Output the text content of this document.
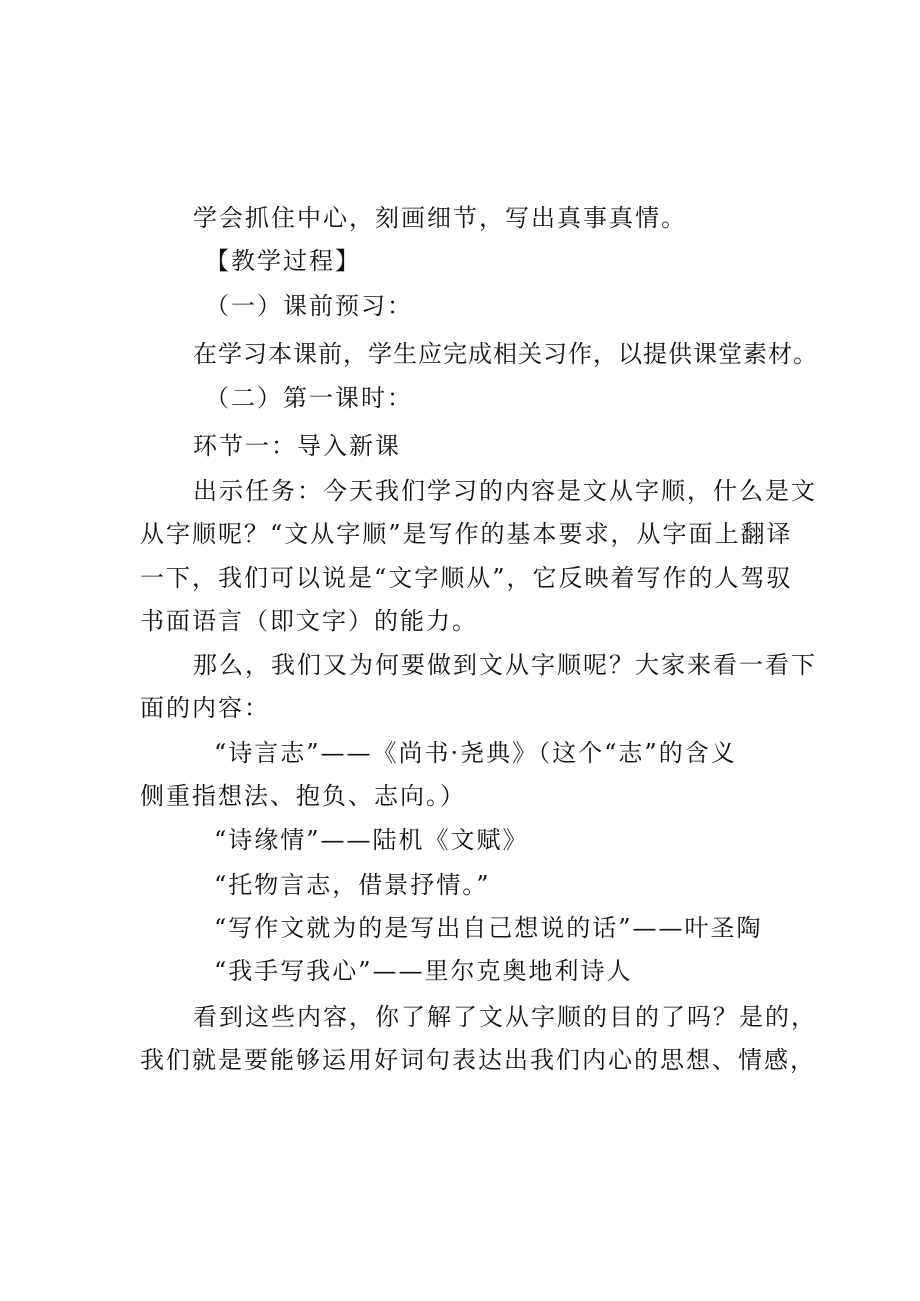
学会抓住中心，刻画细节，写出真事真情。
【教学过程】
（一）课前预习：
在学习本课前，学生应完成相关习作，以提供课堂素材。
（二）第一课时：
环节一：导入新课
出示任务：今天我们学习的内容是文从字顺，什么是文
从字顺呢？“文从字顺”是写作的基本要求，从字面上翻译
一下，我们可以说是“文字顺从”，它反映着写作的人驾驭
书面语言（即文字）的能力。
那么，我们又为何要做到文从字顺呢？大家来看一看下
面的内容：
“诗言志”——《尚书·尧典》（这个“志”的含义
侧重指想法、抱负、志向。）
“诗缘情”——陆机《文赋》
“托物言志，借景抒情。”
“写作文就为的是写出自己想说的话”——叶圣陶
“我手写我心”——里尔克奥地利诗人
看到这些内容，你了解了文从字顺的目的了吗？是的，
我们就是要能够运用好词句表达出我们内心的思想、情感，
